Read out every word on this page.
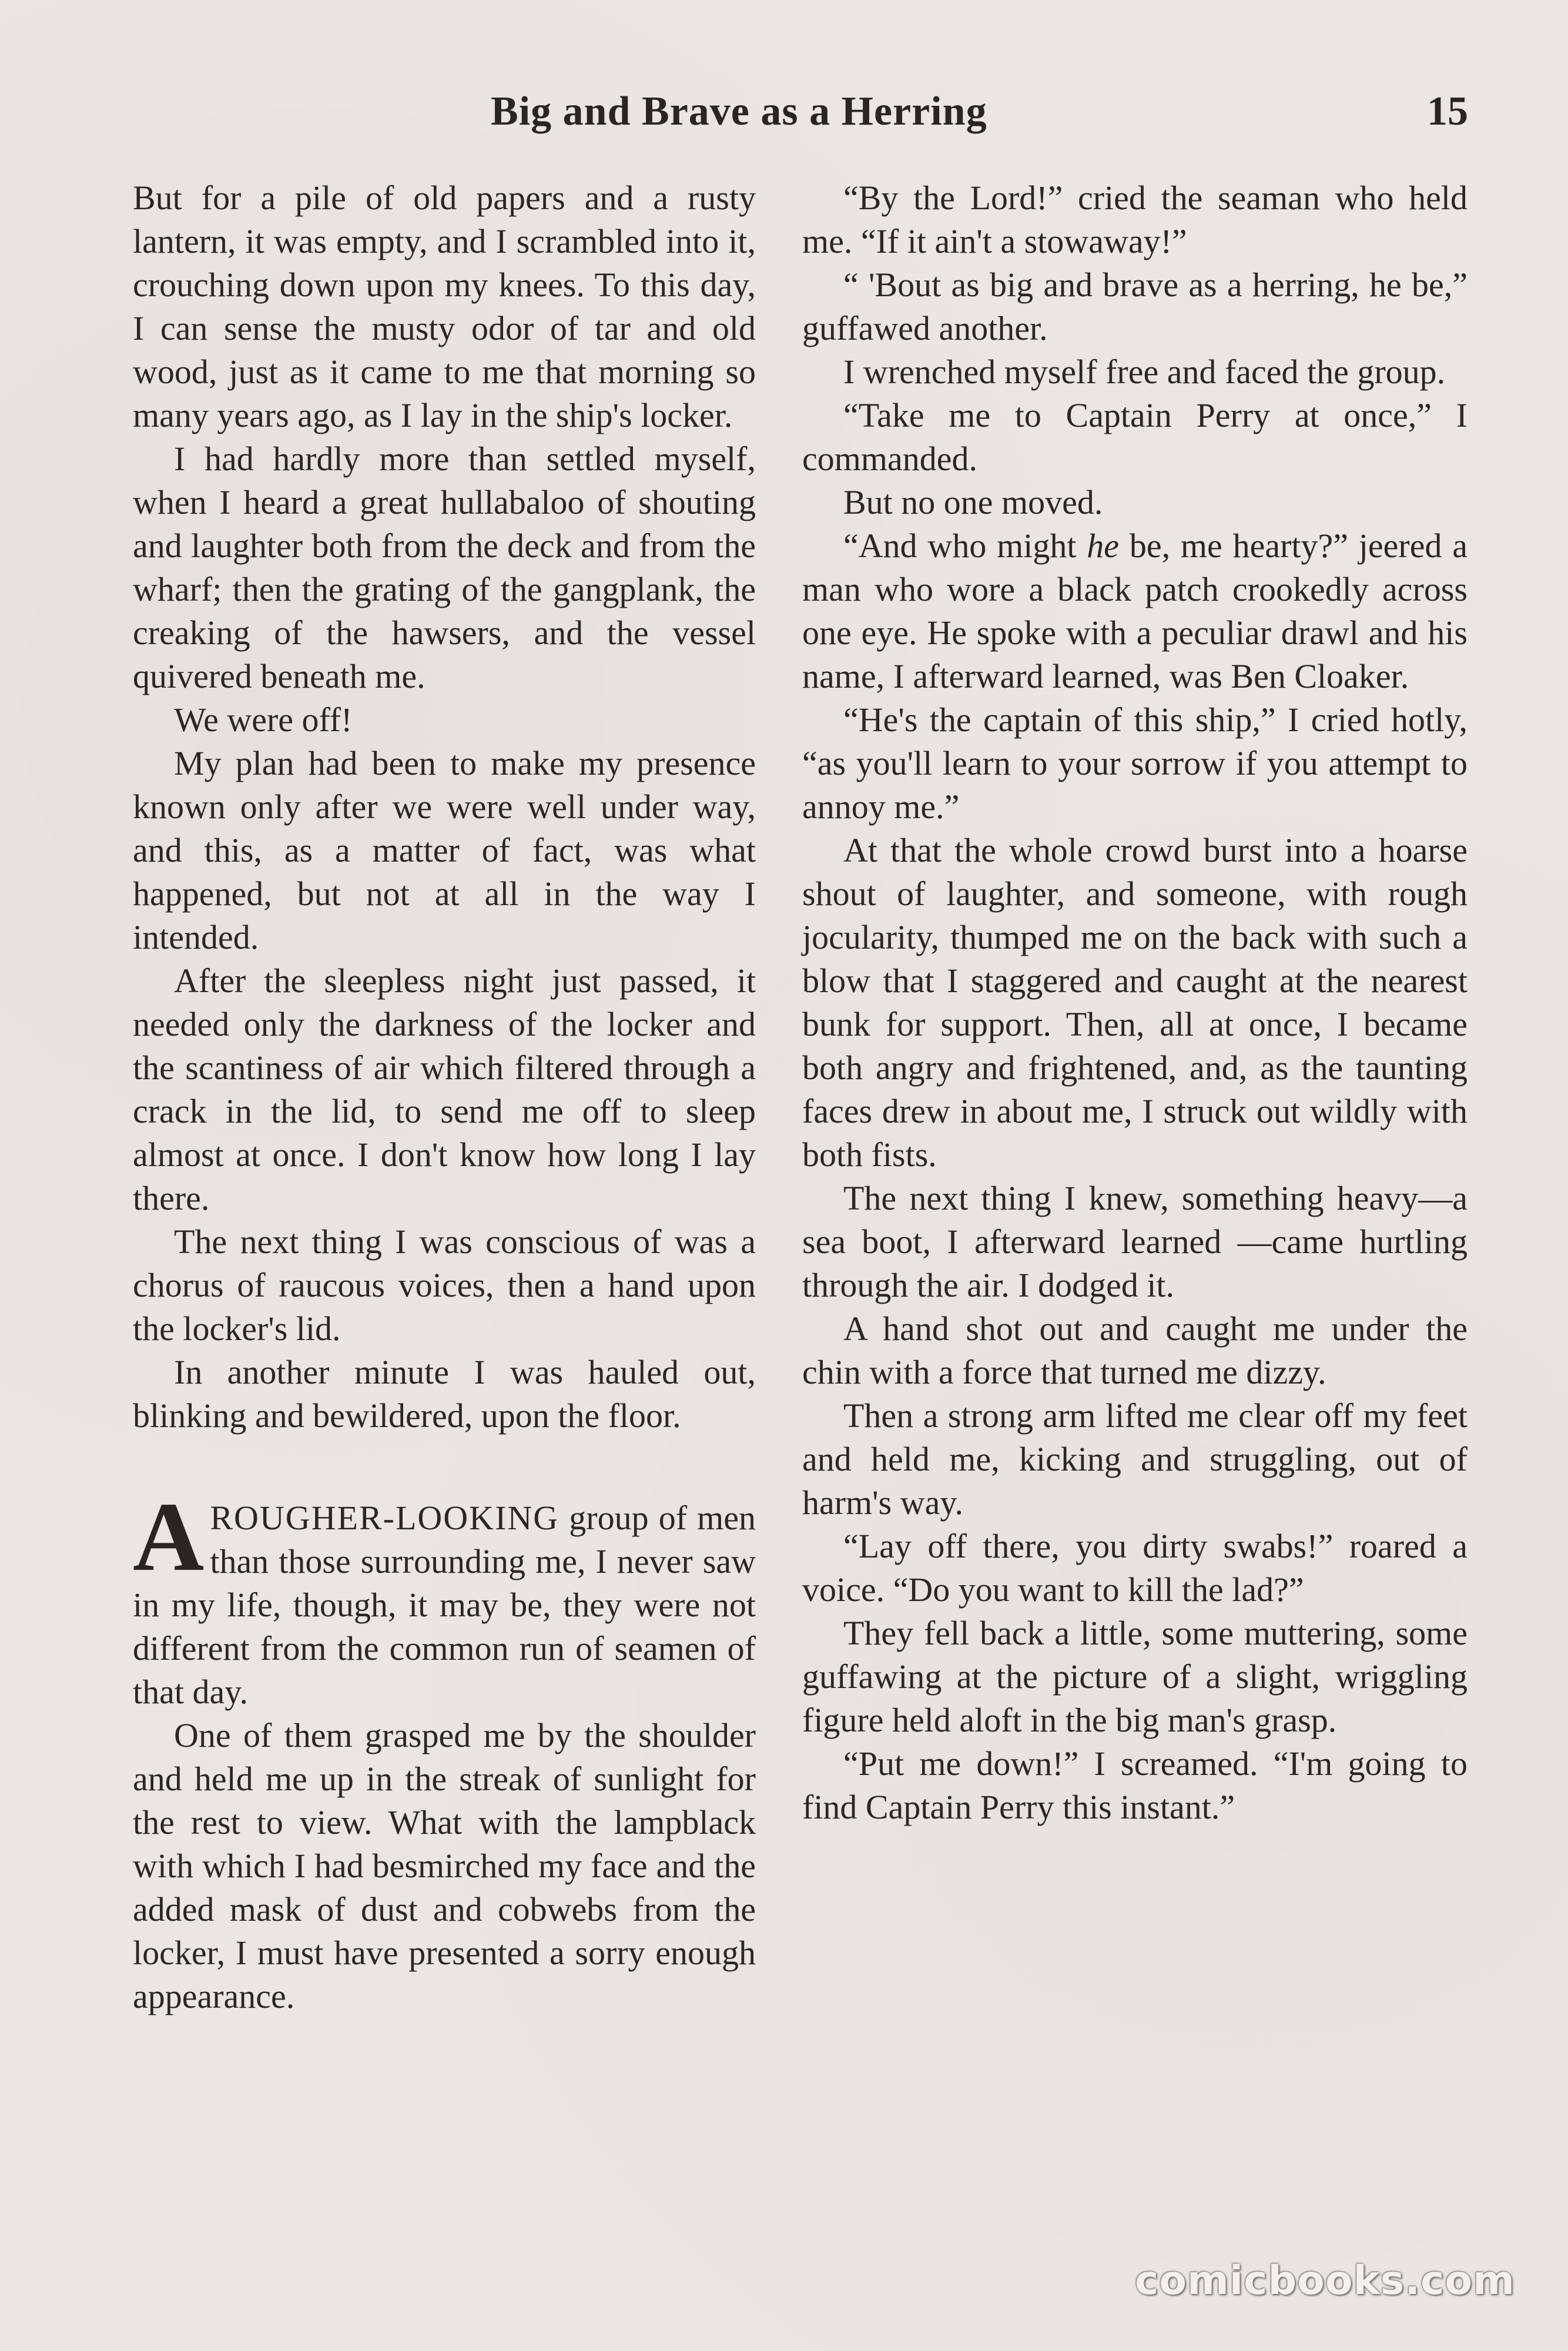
Big and Brave as a Herring	15

But for a pile of old papers and a rusty lantern, it was empty, and I scrambled into it, crouching down upon my knees. To this day, I can sense the musty odor of tar and old wood, just as it came to me that morning so many years ago, as I lay in the ship's locker.

I had hardly more than settled myself, when I heard a great hullabaloo of shouting and laughter both from the deck and from the wharf; then the grating of the gangplank, the creaking of the hawsers, and the vessel quivered beneath me.

We were off!

My plan had been to make my presence known only after we were well under way, and this, as a matter of fact, was what happened, but not at all in the way I intended.

After the sleepless night just passed, it needed only the darkness of the locker and the scantiness of air which filtered through a crack in the lid, to send me off to sleep almost at once. I don't know how long I lay there.

The next thing I was conscious of was a chorus of raucous voices, then a hand upon the locker's lid.

In another minute I was hauled out, blinking and bewildered, upon the floor.

AROUGHER-LOOKING group of men than those surrounding me, I never saw in my life, though, it may be, they were not different from the common run of seamen of that day.

One of them grasped me by the shoulder and held me up in the streak of sunlight for the rest to view. What with the lampblack with which I had besmirched my face and the added mask of dust and cobwebs from the locker, I must have presented a sorry enough appearance.

“By the Lord!” cried the seaman who held me. “If it ain't a stowaway!”

“ 'Bout as big and brave as a herring, he be,” guffawed another.

I wrenched myself free and faced the group.

“Take me to Captain Perry at once,” I commanded.

But no one moved.

“And who might he be, me hearty?” jeered a man who wore a black patch crookedly across one eye. He spoke with a peculiar drawl and his name, I afterward learned, was Ben Cloaker.

“He's the captain of this ship,” I cried hotly, “as you'll learn to your sorrow if you attempt to annoy me.”

At that the whole crowd burst into a hoarse shout of laughter, and someone, with rough jocularity, thumped me on the back with such a blow that I staggered and caught at the nearest bunk for support. Then, all at once, I became both angry and frightened, and, as the taunting faces drew in about me, I struck out wildly with both fists.

The next thing I knew, something heavy—a sea boot, I afterward learned —came hurtling through the air. I dodged it.

A hand shot out and caught me under the chin with a force that turned me dizzy.

Then a strong arm lifted me clear off my feet and held me, kicking and struggling, out of harm's way.

“Lay off there, you dirty swabs!” roared a voice. “Do you want to kill the lad?”

They fell back a little, some muttering, some guffawing at the picture of a slight, wriggling figure held aloft in the big man's grasp.

“Put me down!” I screamed. “I'm going to find Captain Perry this instant.”

comicbooks.com
